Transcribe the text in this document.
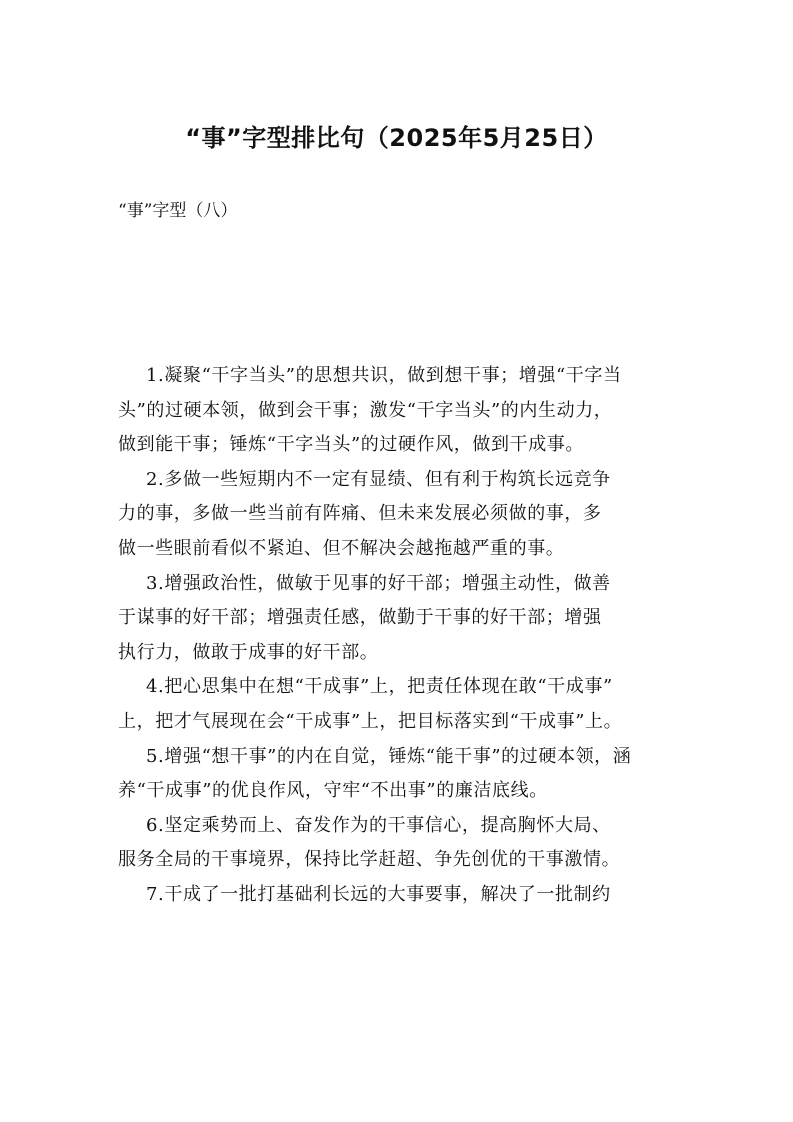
“事”字型排比句（2025年5月25日）

“事”字型（八）

1.凝聚“干字当头”的思想共识，做到想干事；增强“干字当
头”的过硬本领，做到会干事；激发“干字当头”的内生动力，
做到能干事；锤炼“干字当头”的过硬作风，做到干成事。

2.多做一些短期内不一定有显绩、但有利于构筑长远竞争
力的事，多做一些当前有阵痛、但未来发展必须做的事，多
做一些眼前看似不紧迫、但不解决会越拖越严重的事。

3.增强政治性，做敏于见事的好干部；增强主动性，做善
于谋事的好干部；增强责任感，做勤于干事的好干部；增强
执行力，做敢于成事的好干部。

4.把心思集中在想“干成事”上，把责任体现在敢“干成事”
上，把才气展现在会“干成事”上，把目标落实到“干成事”上。

5.增强“想干事”的内在自觉，锤炼“能干事”的过硬本领，涵
养“干成事”的优良作风，守牢“不出事”的廉洁底线。

6.坚定乘势而上、奋发作为的干事信心，提高胸怀大局、
服务全局的干事境界，保持比学赶超、争先创优的干事激情。

7.干成了一批打基础利长远的大事要事，解决了一批制约
